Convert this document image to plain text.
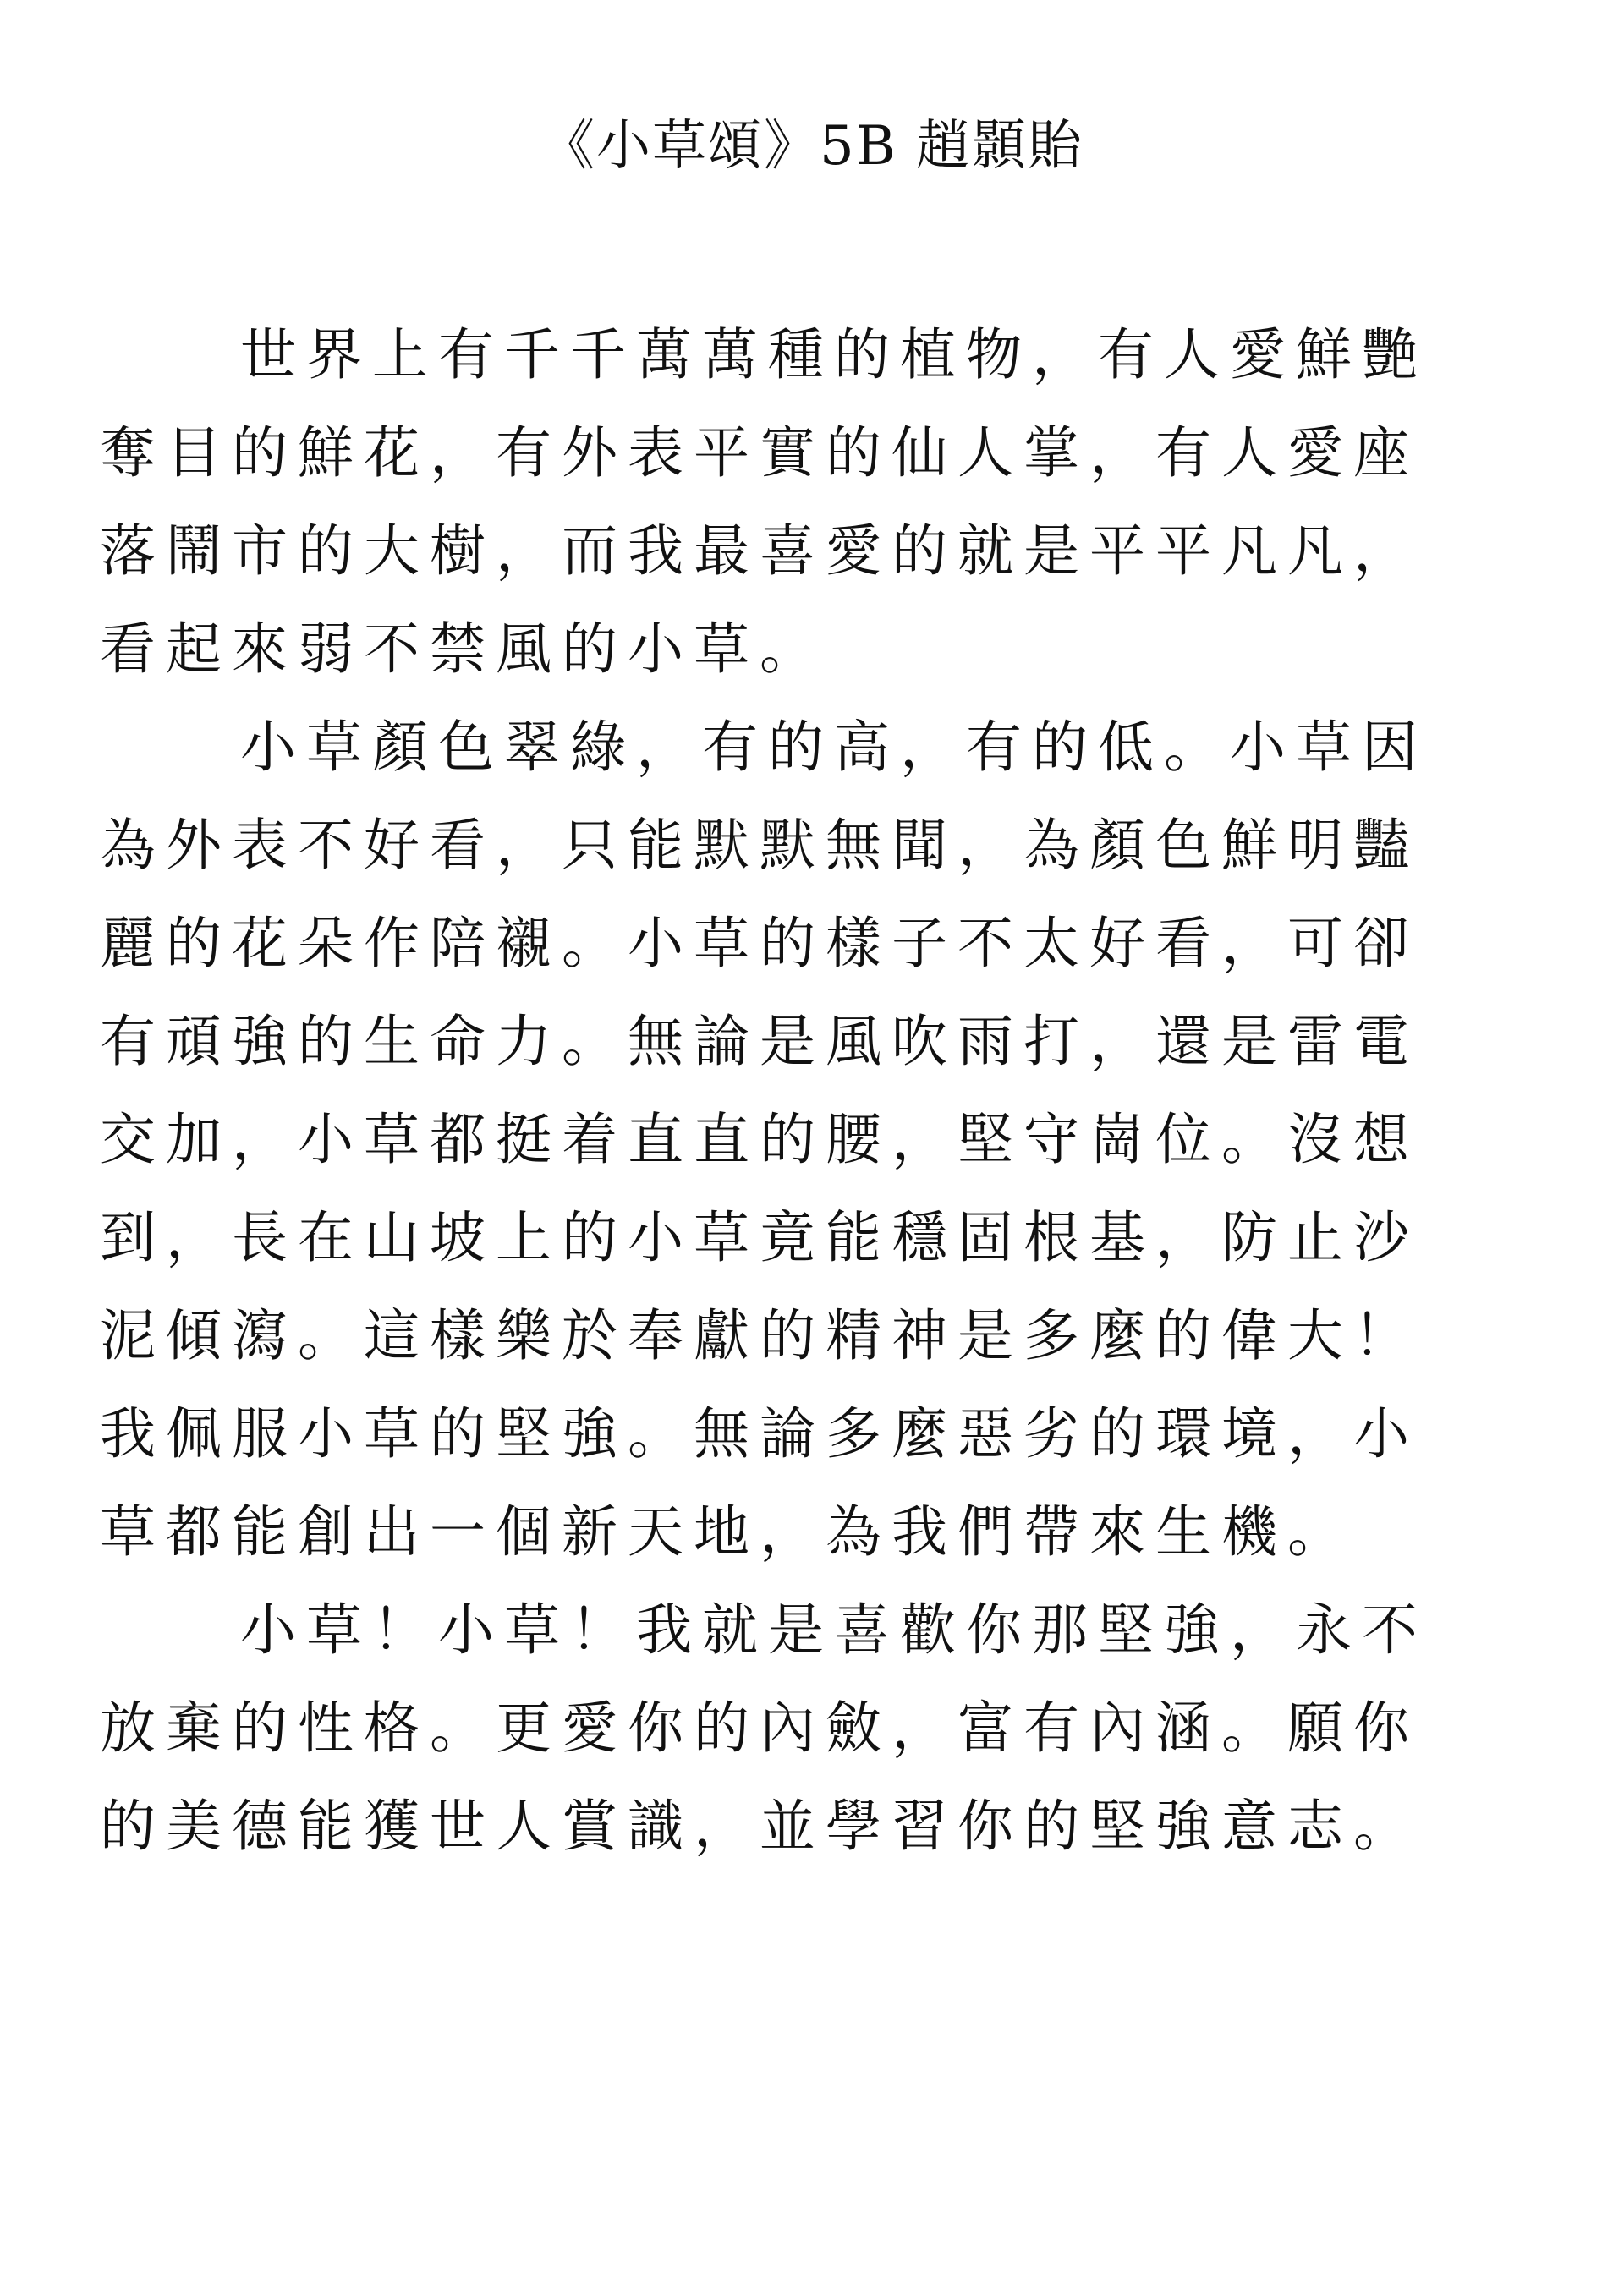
《小草頌》5B 趙顥貽
世界上有千千萬萬種的植物，有人愛鮮艷
奪目的鮮花，有外表平實的仙人掌，有人愛座
落鬧市的大樹，而我最喜愛的就是平平凡凡，
看起來弱不禁風的小草。
小草顏色翠綠，有的高，有的低。小草因
為外表不好看，只能默默無聞，為顏色鮮明豔
麗的花朵作陪襯。小草的樣子不太好看，可卻
有頑強的生命力。無論是風吹雨打，還是雷電
交加，小草都挺着直直的腰，堅守崗位。沒想
到，長在山坡上的小草竟能穩固根基，防止沙
泥傾瀉。這樣樂於奉獻的精神是多麼的偉大！
我佩服小草的堅強。無論多麼惡劣的環境，小
草都能創出一個新天地，為我們帶來生機。
小草！小草！我就是喜歡你那堅強，永不
放棄的性格。更愛你的內斂，富有內涵。願你
的美德能獲世人賞識，並學習你的堅強意志。
